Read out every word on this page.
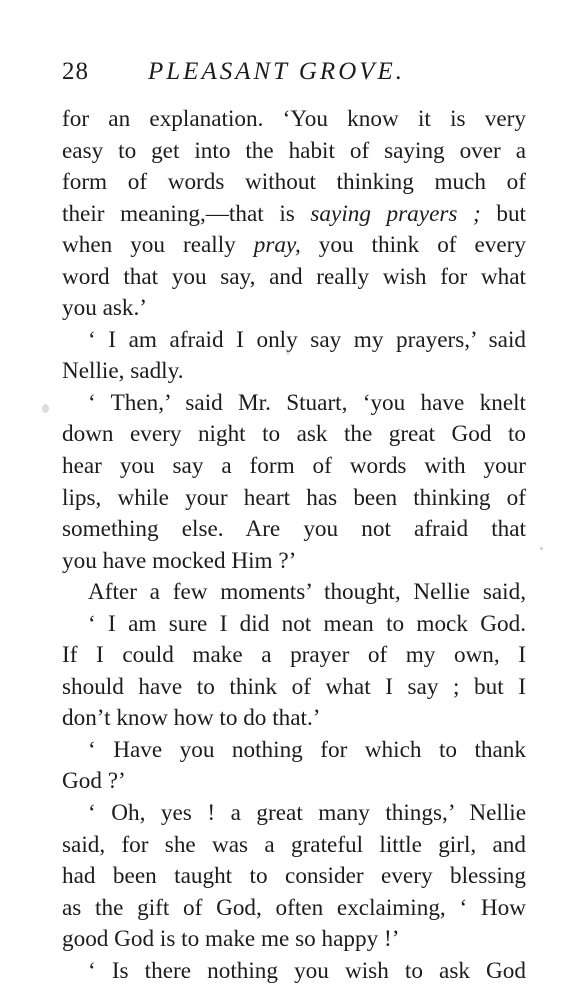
28 PLEASANT GROVE.
for an explanation. ‘You know it is very
easy to get into the habit of saying over a
form of words without thinking much of
their meaning,—that is saying prayers ; but
when you really pray, you think of every
word that you say, and really wish for what
you ask.’
‘ I am afraid I only say my prayers,’ said
Nellie, sadly.
‘ Then,’ said Mr. Stuart, ‘you have knelt
down every night to ask the great God to
hear you say a form of words with your
lips, while your heart has been thinking of
something else. Are you not afraid that
you have mocked Him ?’
After a few moments’ thought, Nellie said,
‘ I am sure I did not mean to mock God.
If I could make a prayer of my own, I
should have to think of what I say ; but I
don’t know how to do that.’
‘ Have you nothing for which to thank
God ?’
‘ Oh, yes ! a great many things,’ Nellie
said, for she was a grateful little girl, and
had been taught to consider every blessing
as the gift of God, often exclaiming, ‘ How
good God is to make me so happy !’
‘ Is there nothing you wish to ask God
